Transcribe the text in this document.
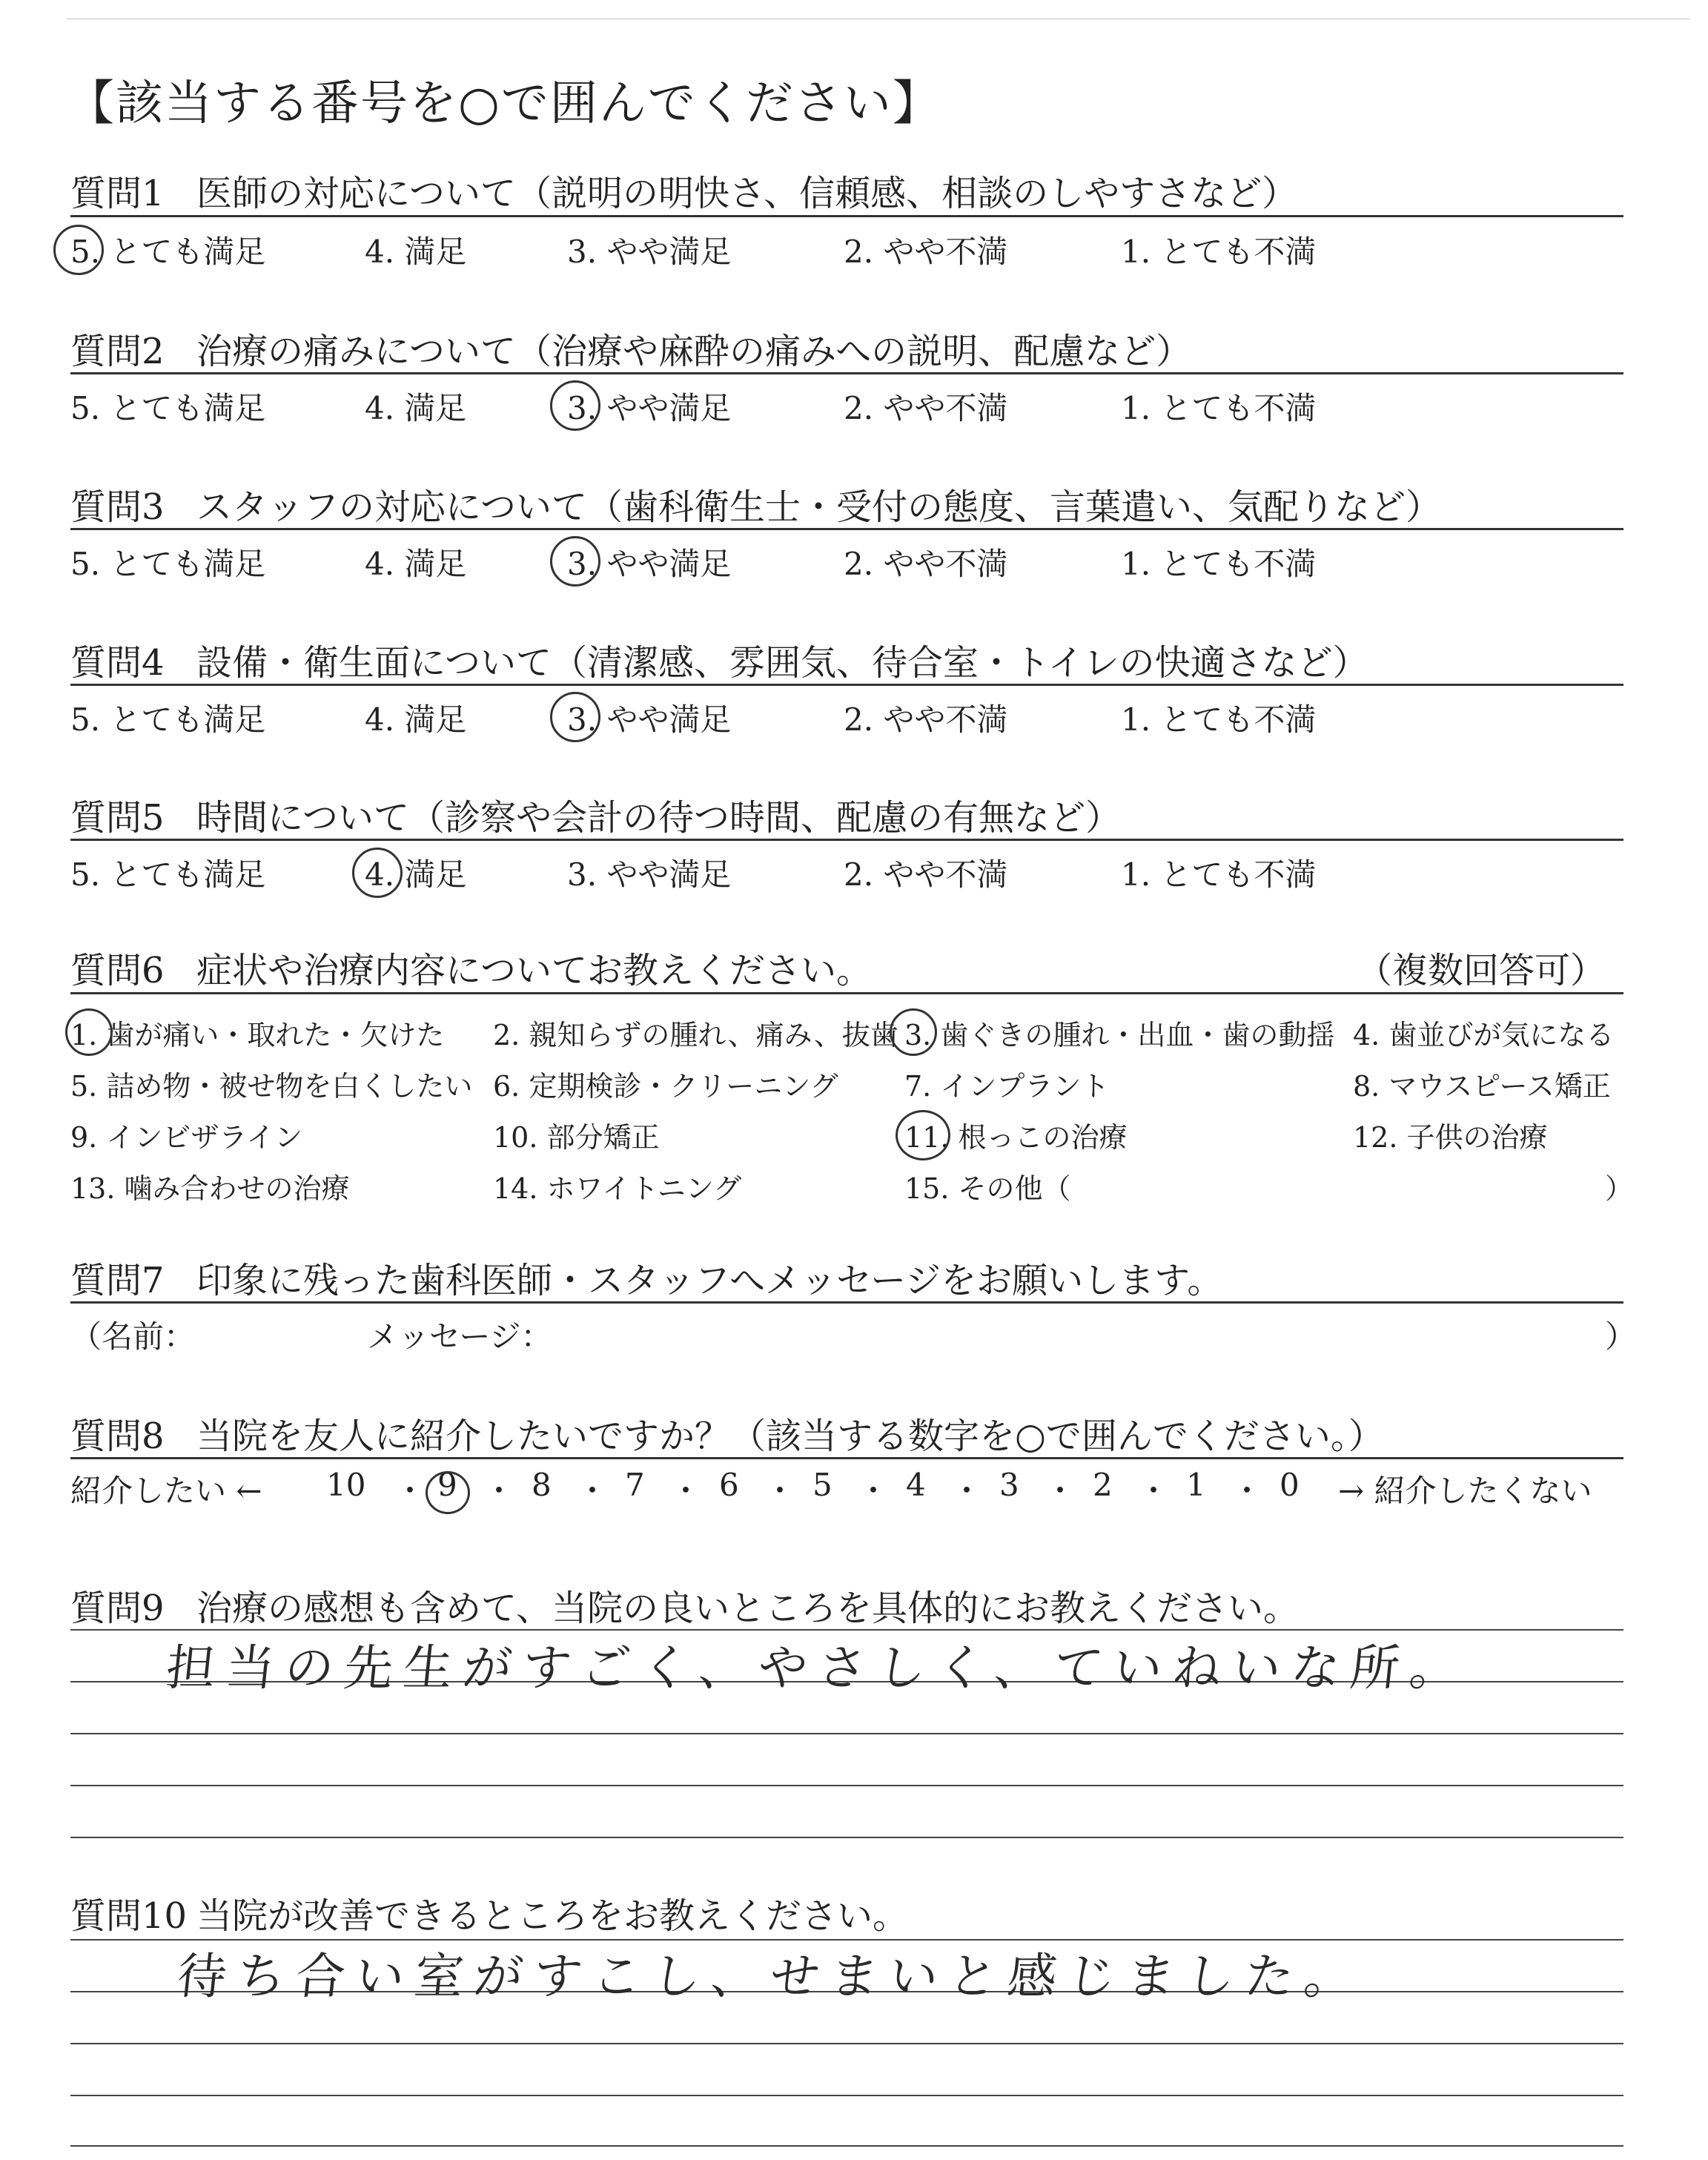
【該当する番号を○で囲んでください】
質問1 医師の対応について（説明の明快さ、信頼感、相談のしやすさなど）
5. とても満足	4. 満足	3. やや満足	2. やや不満	1. とても不満
質問2 治療の痛みについて（治療や麻酔の痛みへの説明、配慮など）
5. とても満足	4. 満足	3. やや満足	2. やや不満	1. とても不満
質問3 スタッフの対応について（歯科衛生士・受付の態度、言葉遣い、気配りなど）
5. とても満足	4. 満足	3. やや満足	2. やや不満	1. とても不満
質問4 設備・衛生面について（清潔感、雰囲気、待合室・トイレの快適さなど）
5. とても満足	4. 満足	3. やや満足	2. やや不満	1. とても不満
質問5 時間について（診察や会計の待つ時間、配慮の有無など）
5. とても満足	4. 満足	3. やや満足	2. やや不満	1. とても不満
質問6 症状や治療内容についてお教えください。	（複数回答可）
1. 歯が痛い・取れた・欠けた 2. 親知らずの腫れ、痛み、抜歯 3. 歯ぐきの腫れ・出血・歯の動揺 4. 歯並びが気になる
5. 詰め物・被せ物を白くしたい 6. 定期検診・クリーニング 7. インプラント	8. マウスピース矯正
9. インビザライン	10. 部分矯正	11. 根っこの治療	12. 子供の治療
13. 噛み合わせの治療	14. ホワイトニング	15. その他（	）
質問7 印象に残った歯科医師・スタッフへメッセージをお願いします。
（名前：	メッセージ：	）
質問8 当院を友人に紹介したいですか？（該当する数字を○で囲んでください。）
紹介したい ← 10 ・ 9 ・ 8 ・ 7 ・ 6 ・ 5 ・ 4 ・ 3 ・ 2 ・ 1 ・ 0 → 紹介したくない
質問9 治療の感想も含めて、当院の良いところを具体的にお教えください。
担当の先生がすごく、やさしく、ていねいな所。
質問10 当院が改善できるところをお教えください。
待ち合い室がすこし、せまいと感じました。
